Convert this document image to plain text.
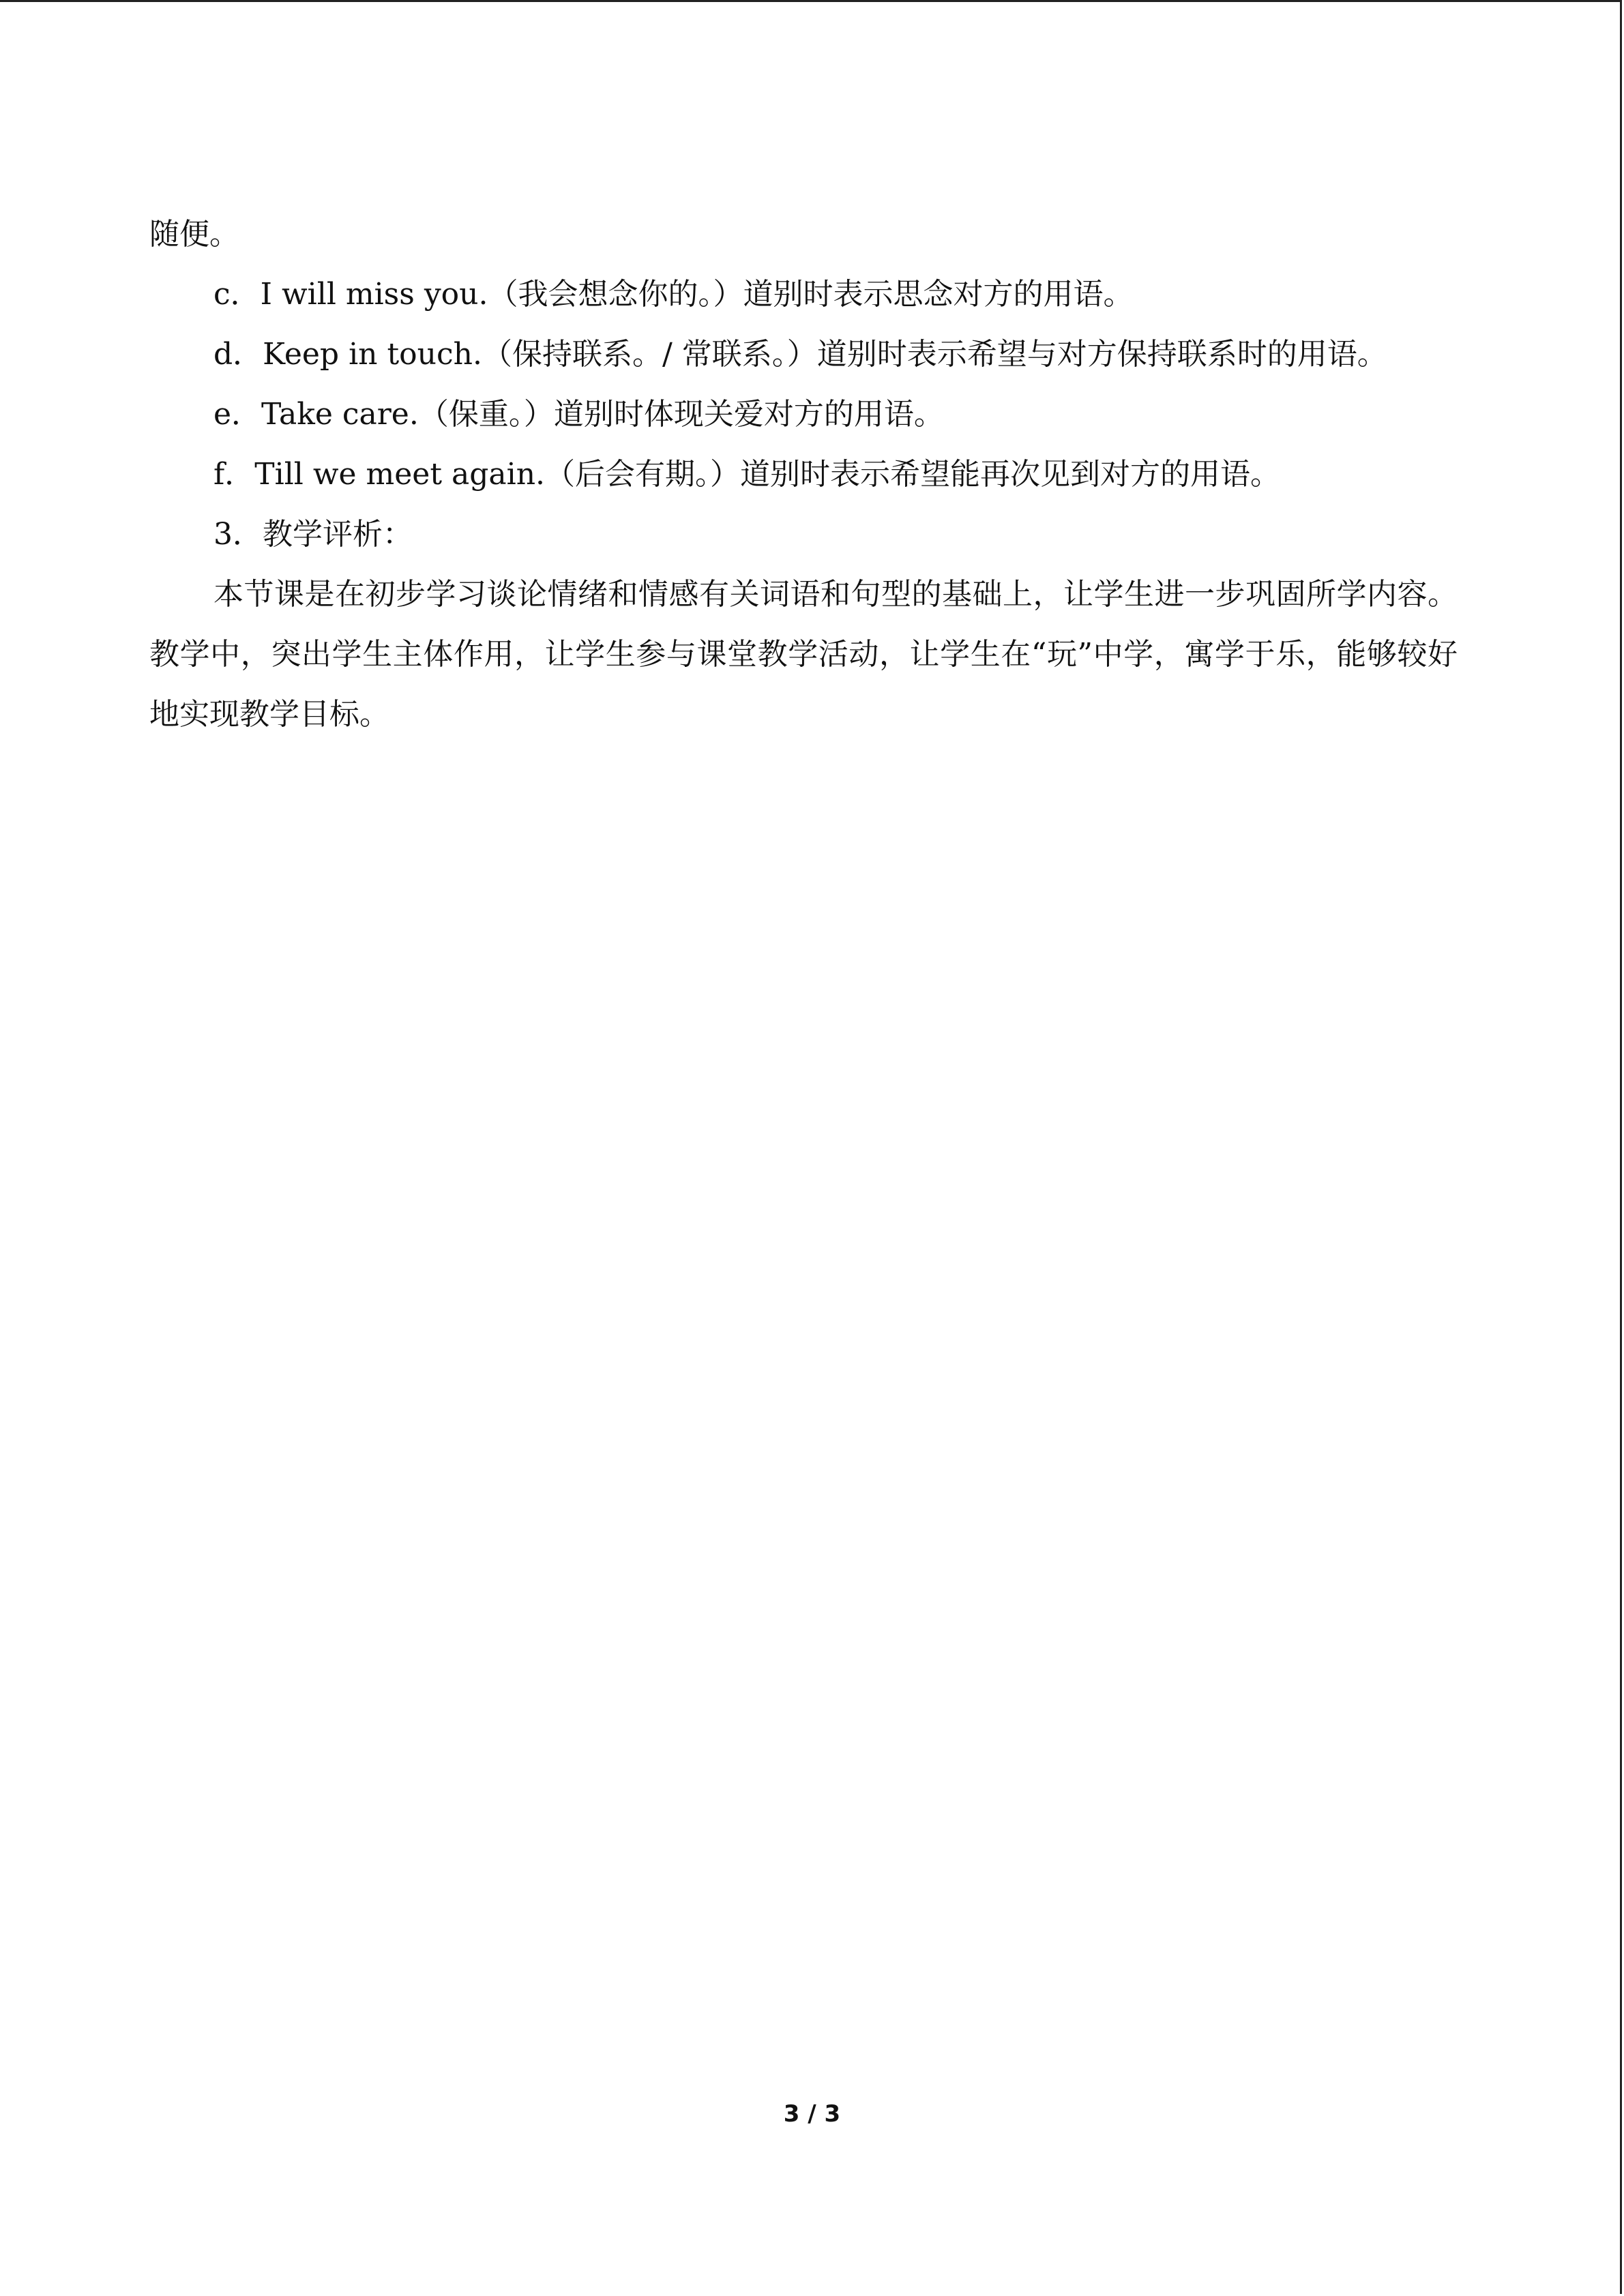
随便。
c．I will miss you.（我会想念你的。）道别时表示思念对方的用语。
d．Keep in touch.（保持联系。/ 常联系。）道别时表示希望与对方保持联系时的用语。
e．Take care.（保重。）道别时体现关爱对方的用语。
f．Till we meet again.（后会有期。）道别时表示希望能再次见到对方的用语。
3．教学评析：
本节课是在初步学习谈论情绪和情感有关词语和句型的基础上，让学生进一步巩固所学内容。教学中，突出学生主体作用，让学生参与课堂教学活动，让学生在“玩”中学，寓学于乐，能够较好地实现教学目标。
3 / 3
